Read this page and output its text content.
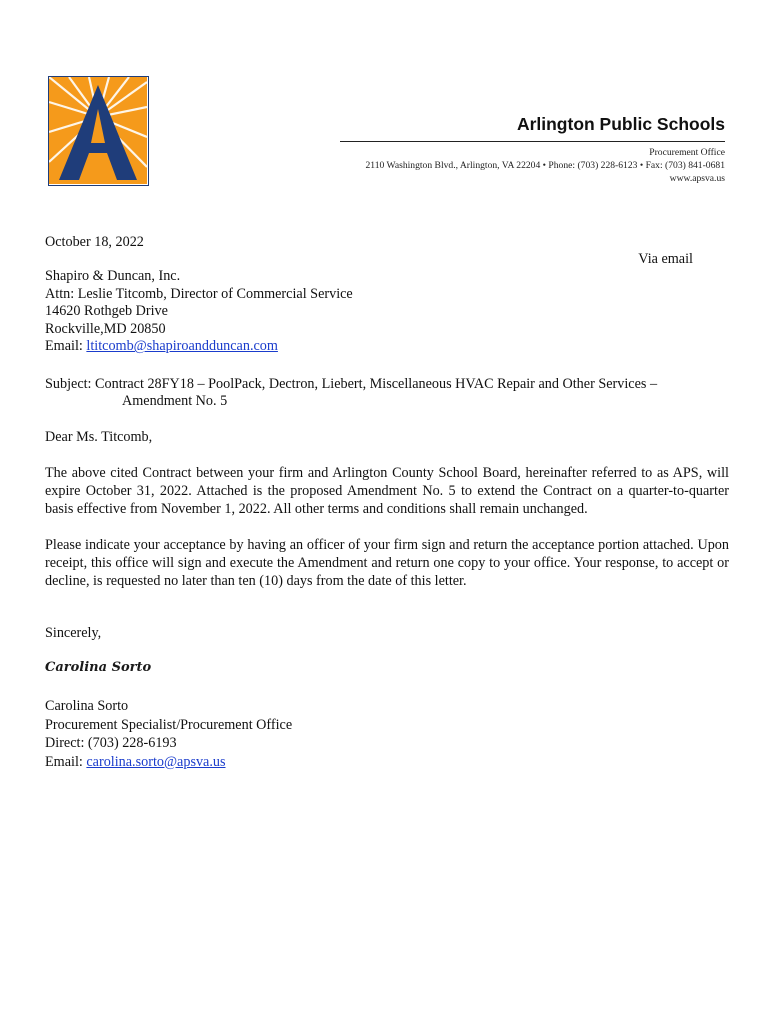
Arlington Public Schools
Procurement Office
2110 Washington Blvd., Arlington, VA 22204 • Phone: (703) 228-6123 • Fax: (703) 841-0681
www.apsva.us
October 18, 2022
Via email
Shapiro & Duncan, Inc.
Attn: Leslie Titcomb, Director of Commercial Service
14620 Rothgeb Drive
Rockville,MD 20850
Email: ltitcomb@shapiroandduncan.com
Subject: Contract 28FY18 – PoolPack, Dectron, Liebert, Miscellaneous HVAC Repair and Other Services –
Amendment No. 5
Dear Ms. Titcomb,
The above cited Contract between your firm and Arlington County School Board, hereinafter referred to as APS, will expire October 31, 2022. Attached is the proposed Amendment No. 5 to extend the Contract on a quarter-to-quarter basis effective from November 1, 2022. All other terms and conditions shall remain unchanged.
Please indicate your acceptance by having an officer of your firm sign and return the acceptance portion attached. Upon receipt, this office will sign and execute the Amendment and return one copy to your office. Your response, to accept or decline, is requested no later than ten (10) days from the date of this letter.
Sincerely,
Carolina Sorto
Carolina Sorto
Procurement Specialist/Procurement Office
Direct: (703) 228-6193
Email: carolina.sorto@apsva.us
